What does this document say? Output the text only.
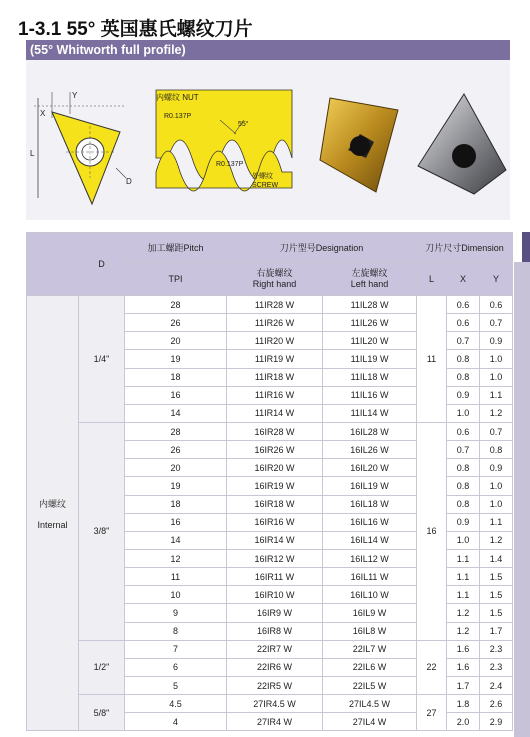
1-3.1 55° 英国惠氏螺纹刀片
(55° Whitworth full profile)
Y
X
L
D
内螺纹 NUT
R0.137P
55°
R0.137P
外螺纹
SCREW
	D	加工螺距Pitch	刀片型号Designation		刀片尺寸Dimension		
		TPI	右旋螺纹
Right hand	左旋螺纹
Left hand	L	X	Y
内螺纹

Internal	1/4"	28	11IR28 W	11IL28 W	11	0.6	0.6
		26	11IR26 W	11IL26 W		0.6	0.7
		20	11IR20 W	11IL20 W		0.7	0.9
		19	11IR19 W	11IL19 W		0.8	1.0
		18	11IR18 W	11IL18 W		0.8	1.0
		16	11IR16 W	11IL16 W		0.9	1.1
		14	11IR14 W	11IL14 W		1.0	1.2
	3/8"	28	16IR28 W	16IL28 W	16	0.6	0.7
		26	16IR26 W	16IL26 W		0.7	0.8
		20	16IR20 W	16IL20 W		0.8	0.9
		19	16IR19 W	16IL19 W		0.8	1.0
		18	16IR18 W	16IL18 W		0.8	1.0
		16	16IR16 W	16IL16 W		0.9	1.1
		14	16IR14 W	16IL14 W		1.0	1.2
		12	16IR12 W	16IL12 W		1.1	1.4
		11	16IR11 W	16IL11 W		1.1	1.5
		10	16IR10 W	16IL10 W		1.1	1.5
		9	16IR9 W	16IL9 W		1.2	1.5
		8	16IR8 W	16IL8 W		1.2	1.7
	1/2"	7	22IR7 W	22IL7 W	22	1.6	2.3
		6	22IR6 W	22IL6 W		1.6	2.3
		5	22IR5 W	22IL5 W		1.7	2.4
	5/8"	4.5	27IR4.5 W	27IL4.5 W	27	1.8	2.6
		4	27IR4 W	27IL4 W		2.0	2.9
